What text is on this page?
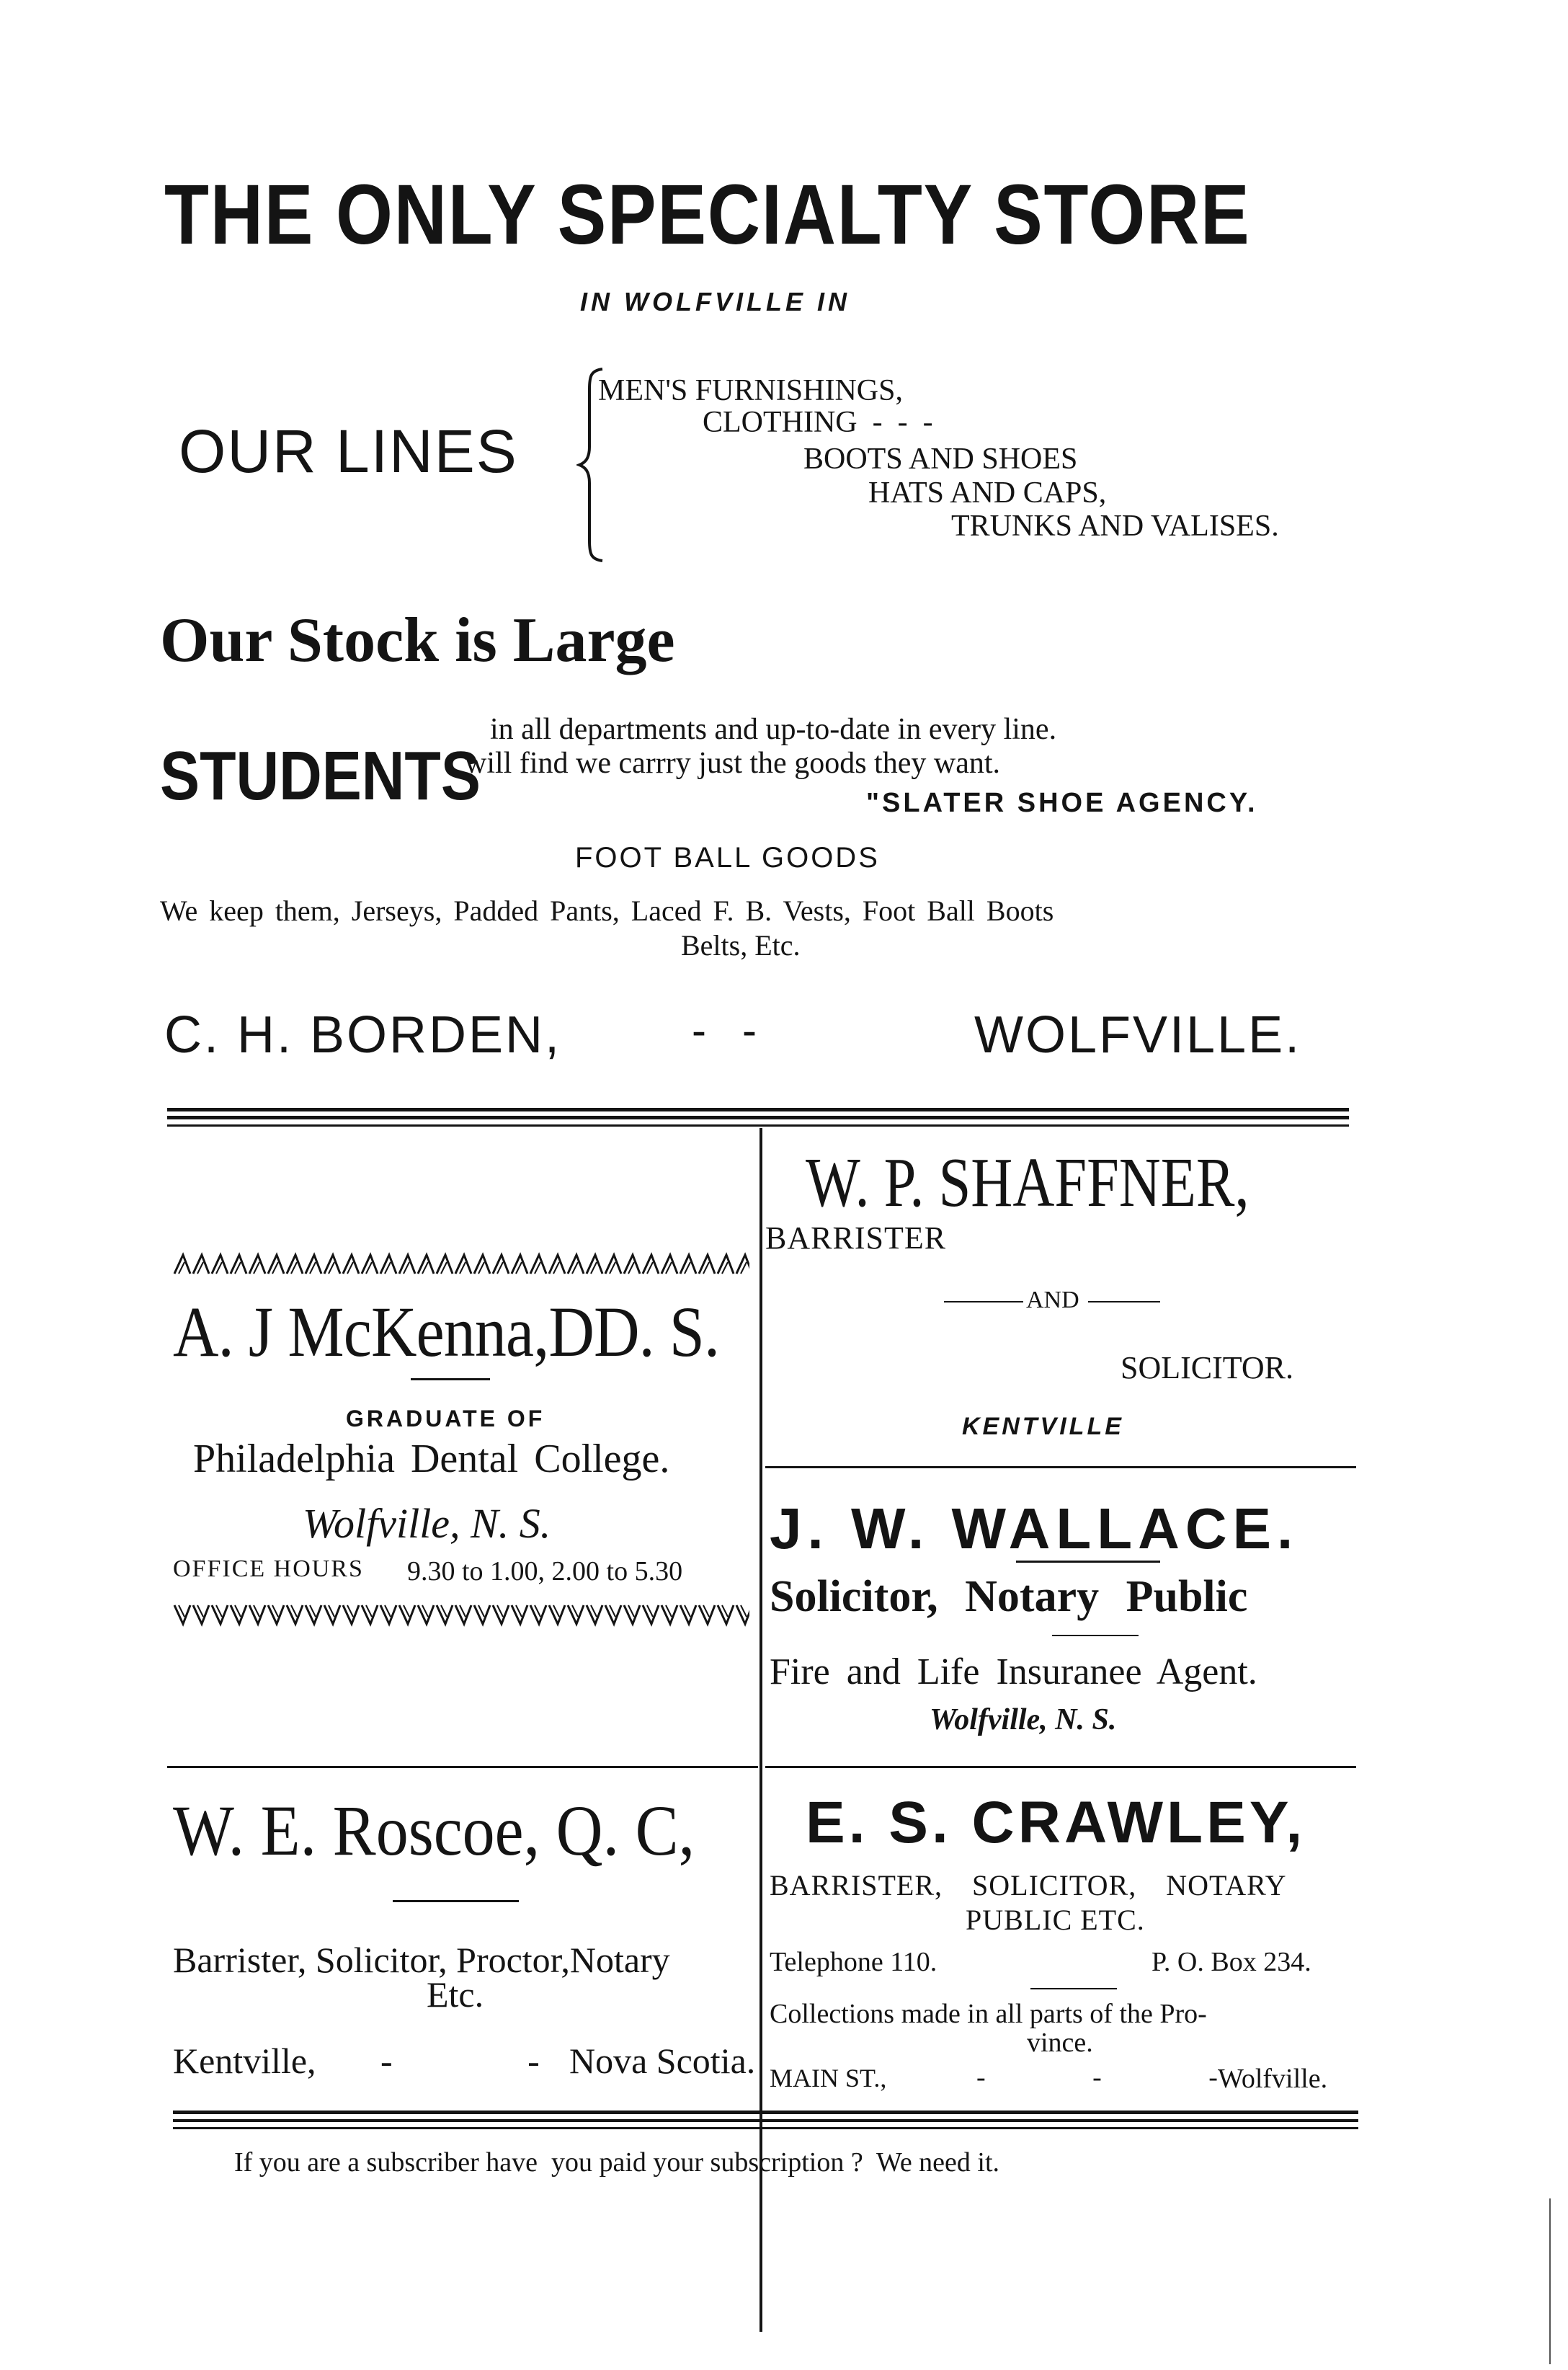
THE ONLY SPECIALTY STORE
IN WOLFVILLE IN
OUR LINES
MEN'S FURNISHINGS,
CLOTHING  -  -  -
BOOTS AND SHOES
HATS AND CAPS,
TRUNKS AND VALISES.
Our Stock is Large
in all departments and up-to-date in every line.
STUDENTS
will find we carrry just the goods they want.
"SLATER SHOE AGENCY.
FOOT BALL GOODS
We keep them, Jerseys, Padded Pants, Laced F. B. Vests, Foot Ball Boots
Belts, Etc.
C. H. BORDEN,	-   -	WOLFVILLE.
A. J McKenna,DD. S.
GRADUATE OF
Philadelphia Dental College.
Wolfville, N. S.
OFFICE HOURS 9.30 to 1.00, 2.00 to 5.30
W. P. SHAFFNER,
BARRISTER
AND
SOLICITOR.
KENTVILLE
J. W. WALLACE.
Solicitor, Notary Public
Fire and Life Insuranee Agent.
Wolfville, N. S.
W. E. Roscoe, Q. C,
Barrister, Solicitor, Proctor,Notary
Etc.
Kentville, -   - Nova Scotia.
E. S. CRAWLEY,
BARRISTER, SOLICITOR, NOTARY
PUBLIC ETC.
Telephone 110.	P. O. Box 234.
Collections made in all parts of the Pro-
vince.
MAIN ST.,	-   -   - Wolfville.
If you are a subscriber have  you paid your subscription ?  We need it.
